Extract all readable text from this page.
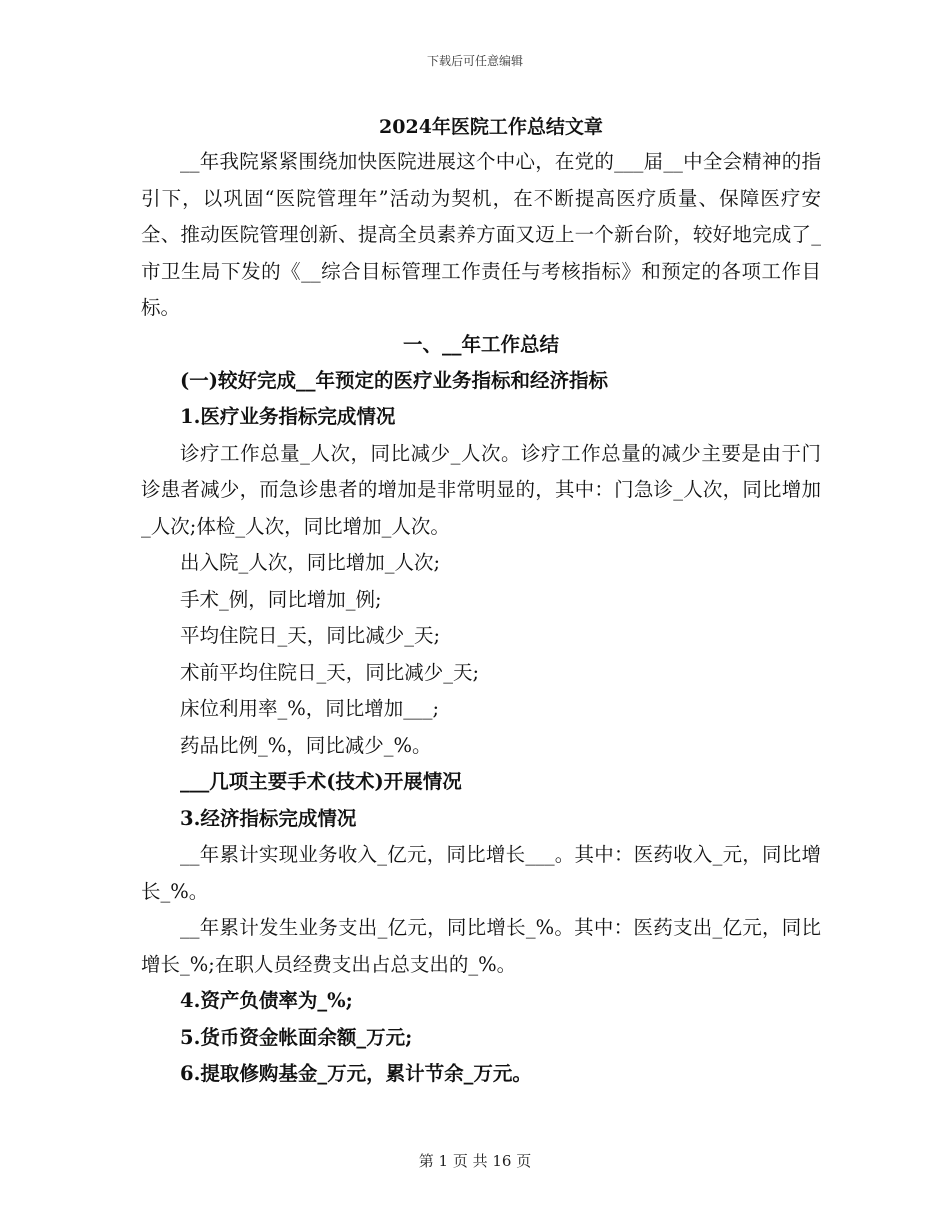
下载后可任意编辑
2024年医院工作总结文章

__年我院紧紧围绕加快医院进展这个中心，在党的___届__中全会精神的指引下，以巩固“医院管理年”活动为契机，在不断提高医疗质量、保障医疗安全、推动医院管理创新、提高全员素养方面又迈上一个新台阶，较好地完成了_市卫生局下发的《__综合目标管理工作责任与考核指标》和预定的各项工作目标。

一、__年工作总结

(一)较好完成__年预定的医疗业务指标和经济指标

1.医疗业务指标完成情况

诊疗工作总量_人次，同比减少_人次。诊疗工作总量的减少主要是由于门诊患者减少，而急诊患者的增加是非常明显的，其中：门急诊_人次，同比增加_人次;体检_人次，同比增加_人次。

出入院_人次，同比增加_人次;

手术_例，同比增加_例;

平均住院日_天，同比减少_天;

术前平均住院日_天，同比减少_天;

床位利用率_%，同比增加___;

药品比例_%，同比减少_%。

___几项主要手术(技术)开展情况

3.经济指标完成情况

__年累计实现业务收入_亿元，同比增长___。其中：医药收入_元，同比增长_%。

__年累计发生业务支出_亿元，同比增长_%。其中：医药支出_亿元，同比增长_%;在职人员经费支出占总支出的_%。

4.资产负债率为_%;

5.货币资金帐面余额_万元;

6.提取修购基金_万元，累计节余_万元。

第 1 页 共 16 页
